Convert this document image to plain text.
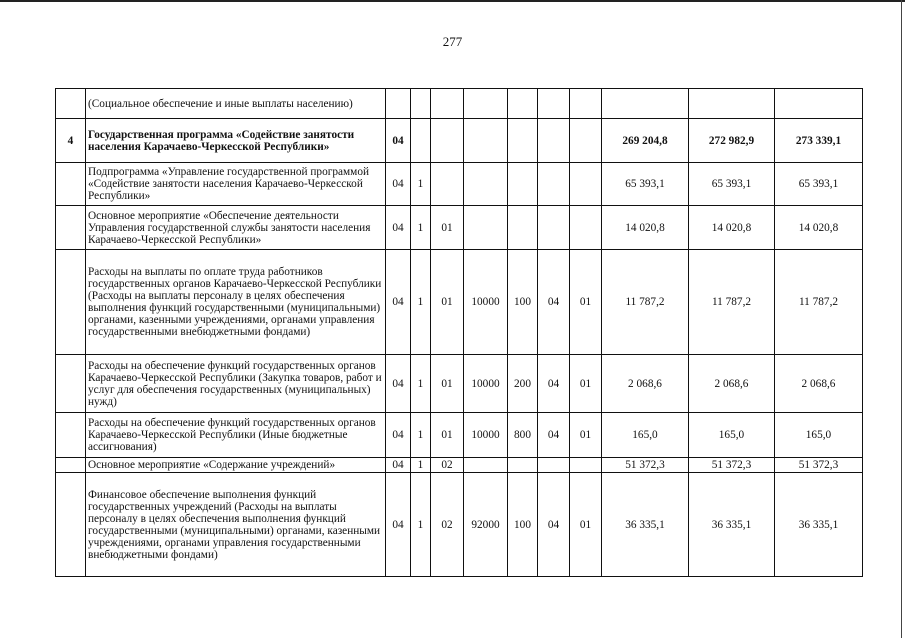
277
	(Социальное обеспечение и иные выплаты населению)										
4	Государственная программа «Содействие занятости населения Карачаево-Черкесской Республики»	04							269 204,8	272 982,9	273 339,1
	Подпрограмма «Управление государственной программой «Содействие занятости населения Карачаево-Черкесской Республики»	04	1						65 393,1	65 393,1	65 393,1
	Основное мероприятие «Обеспечение деятельности Управления государственной службы занятости населения Карачаево-Черкесской Республики»	04	1	01					14 020,8	14 020,8	14 020,8
	Расходы на выплаты по оплате труда работников государственных органов Карачаево-Черкесской Республики (Расходы на выплаты персоналу в целях обеспечения выполнения функций государственными (муниципальными) органами, казенными учреждениями, органами управления государственными внебюджетными фондами)	04	1	01	10000	100	04	01	11 787,2	11 787,2	11 787,2
	Расходы на обеспечение функций государственных органов Карачаево-Черкесской Республики (Закупка товаров, работ и услуг для обеспечения государственных (муниципальных) нужд)	04	1	01	10000	200	04	01	2 068,6	2 068,6	2 068,6
	Расходы на обеспечение функций государственных органов Карачаево-Черкесской Республики (Иные бюджетные ассигнования)	04	1	01	10000	800	04	01	165,0	165,0	165,0
	Основное мероприятие «Содержание учреждений»	04	1	02					51 372,3	51 372,3	51 372,3
	Финансовое обеспечение выполнения функций государственных учреждений (Расходы на выплаты персоналу в целях обеспечения выполнения функций государственными (муниципальными) органами, казенными учреждениями, органами управления государственными внебюджетными фондами)	04	1	02	92000	100	04	01	36 335,1	36 335,1	36 335,1
